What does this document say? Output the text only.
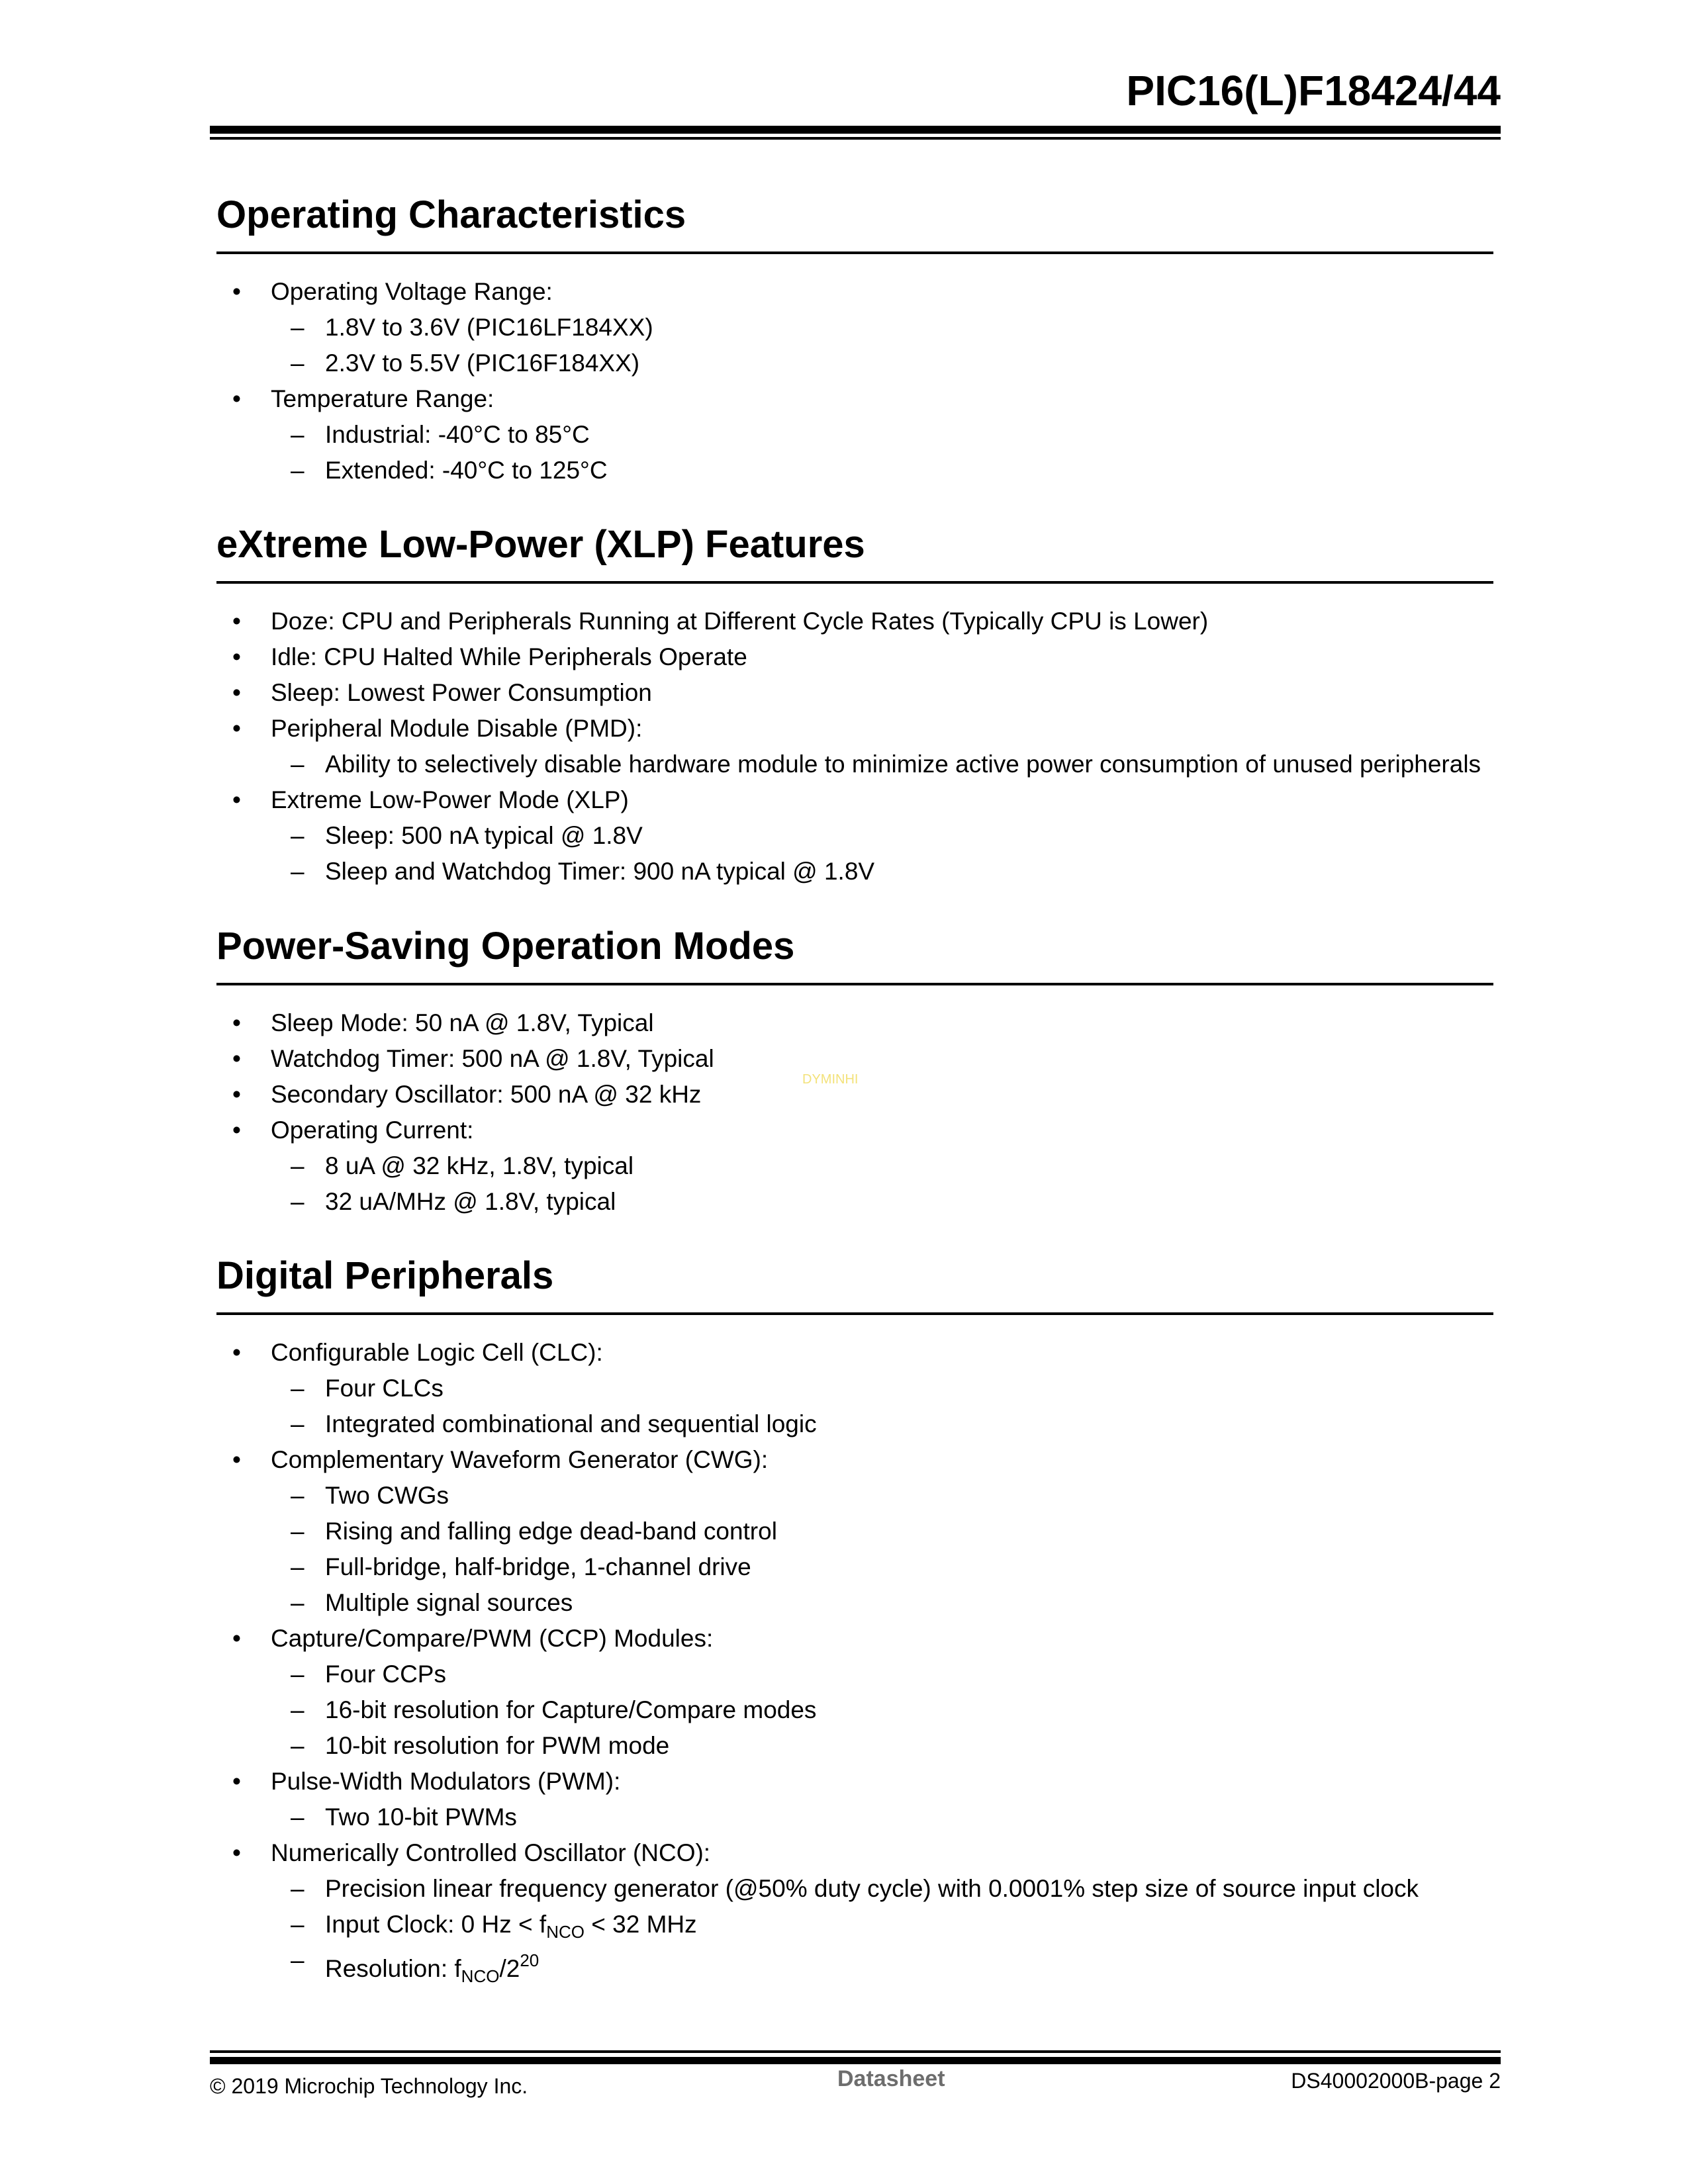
PIC16(L)F18424/44
Operating Characteristics
• Operating Voltage Range:
– 1.8V to 3.6V (PIC16LF184XX)
– 2.3V to 5.5V (PIC16F184XX)
• Temperature Range:
– Industrial: -40°C to 85°C
– Extended: -40°C to 125°C
eXtreme Low-Power (XLP) Features
• Doze: CPU and Peripherals Running at Different Cycle Rates (Typically CPU is Lower)
• Idle: CPU Halted While Peripherals Operate
• Sleep: Lowest Power Consumption
• Peripheral Module Disable (PMD):
– Ability to selectively disable hardware module to minimize active power consumption of unused peripherals
• Extreme Low-Power Mode (XLP)
– Sleep: 500 nA typical @ 1.8V
– Sleep and Watchdog Timer: 900 nA typical @ 1.8V
Power-Saving Operation Modes
• Sleep Mode: 50 nA @ 1.8V, Typical
• Watchdog Timer: 500 nA @ 1.8V, Typical
• Secondary Oscillator: 500 nA @ 32 kHz
• Operating Current:
– 8 uA @ 32 kHz, 1.8V, typical
– 32 uA/MHz @ 1.8V, typical
DYMINHI
Digital Peripherals
• Configurable Logic Cell (CLC):
– Four CLCs
– Integrated combinational and sequential logic
• Complementary Waveform Generator (CWG):
– Two CWGs
– Rising and falling edge dead-band control
– Full-bridge, half-bridge, 1-channel drive
– Multiple signal sources
• Capture/Compare/PWM (CCP) Modules:
– Four CCPs
– 16-bit resolution for Capture/Compare modes
– 10-bit resolution for PWM mode
• Pulse-Width Modulators (PWM):
– Two 10-bit PWMs
• Numerically Controlled Oscillator (NCO):
– Precision linear frequency generator (@50% duty cycle) with 0.0001% step size of source input clock
– Input Clock: 0 $Hz < f_{NCO} < 32$ MHz
– Resolution: $f_{NCO}/2^{20}$
© 2019 Microchip Technology Inc.	Datasheet	DS40002000B-page 2
